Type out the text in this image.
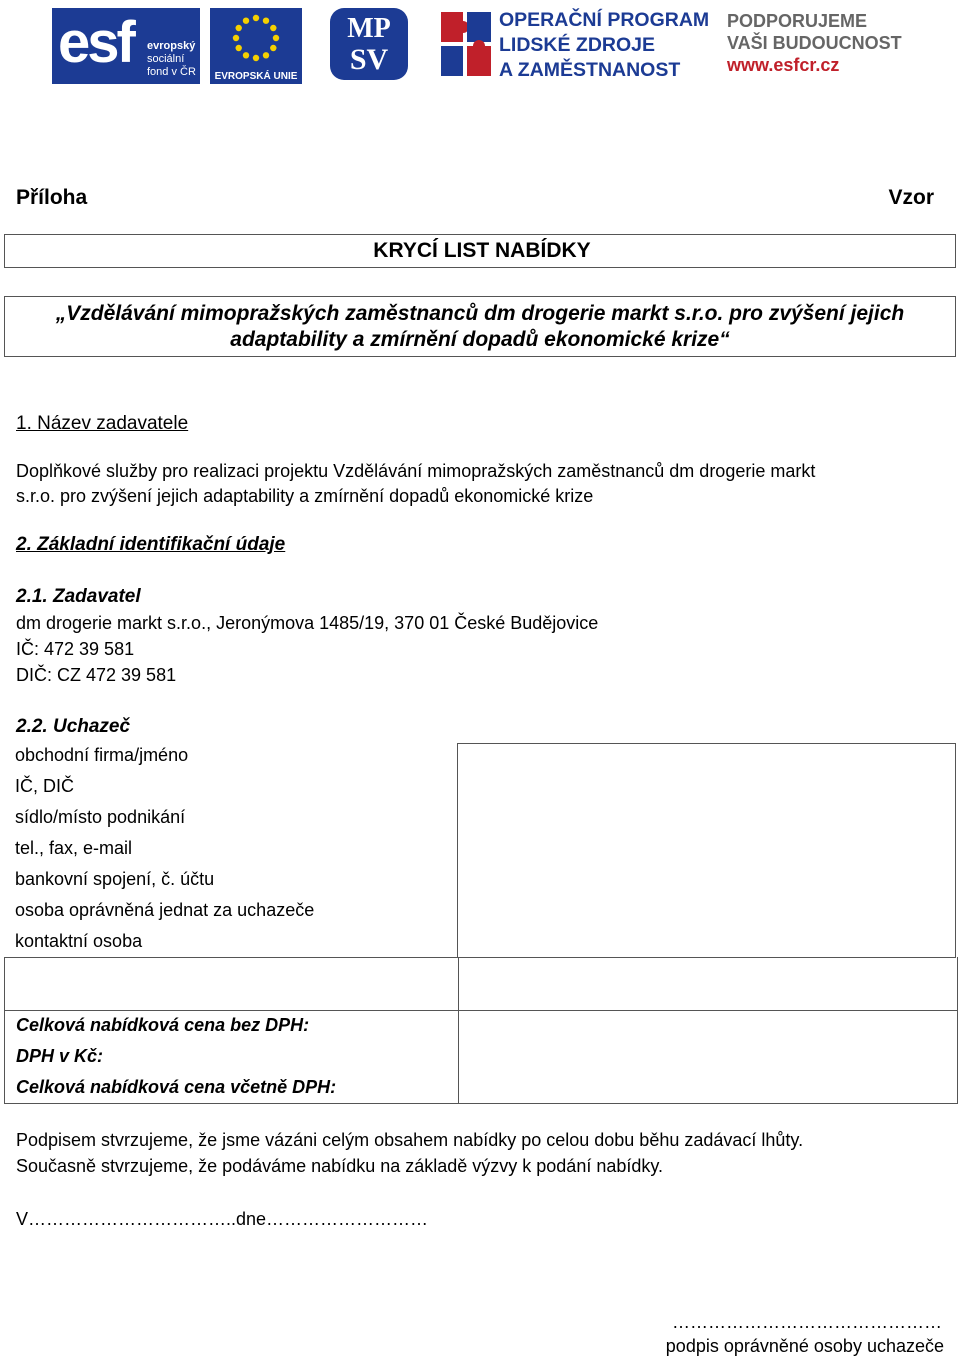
esf evropský
sociální
fond v ČR	EVROPSKÁ UNIE
MP
SV
OPERAČNÍ PROGRAM
LIDSKÉ ZDROJE
A ZAMĚSTNANOST
PODPORUJEME
VAŠI BUDOUCNOST
www.esfcr.cz
Příloha	Vzor
KRYCÍ LIST NABÍDKY
„Vzdělávání mimopražských zaměstnanců dm drogerie markt s.r.o. pro zvýšení jejich
adaptability a zmírnění dopadů ekonomické krize“
1. Název zadavatele
Doplňkové služby pro realizaci projektu Vzdělávání mimopražských zaměstnanců dm drogerie markt
s.r.o. pro zvýšení jejich adaptability a zmírnění dopadů ekonomické krize
2. Základní identifikační údaje
2.1. Zadavatel
dm drogerie markt s.r.o., Jeronýmova 1485/19, 370 01 České Budějovice
IČ: 472 39 581
DIČ: CZ 472 39 581
2.2. Uchazeč
obchodní firma/jméno
IČ, DIČ
sídlo/místo podnikání
tel., fax, e-mail
bankovní spojení, č. účtu
osoba oprávněná jednat za uchazeče
kontaktní osoba
Celková nabídková cena bez DPH:
DPH v Kč:
Celková nabídková cena včetně DPH:
Podpisem stvrzujeme, že jsme vázáni celým obsahem nabídky po celou dobu běhu zadávací lhůty.
Současně stvrzujeme, že podáváme nabídku na základě výzvy k podání nabídky.
V……………………………..dne………………………
………………………………………
podpis oprávněné osoby uchazeče
